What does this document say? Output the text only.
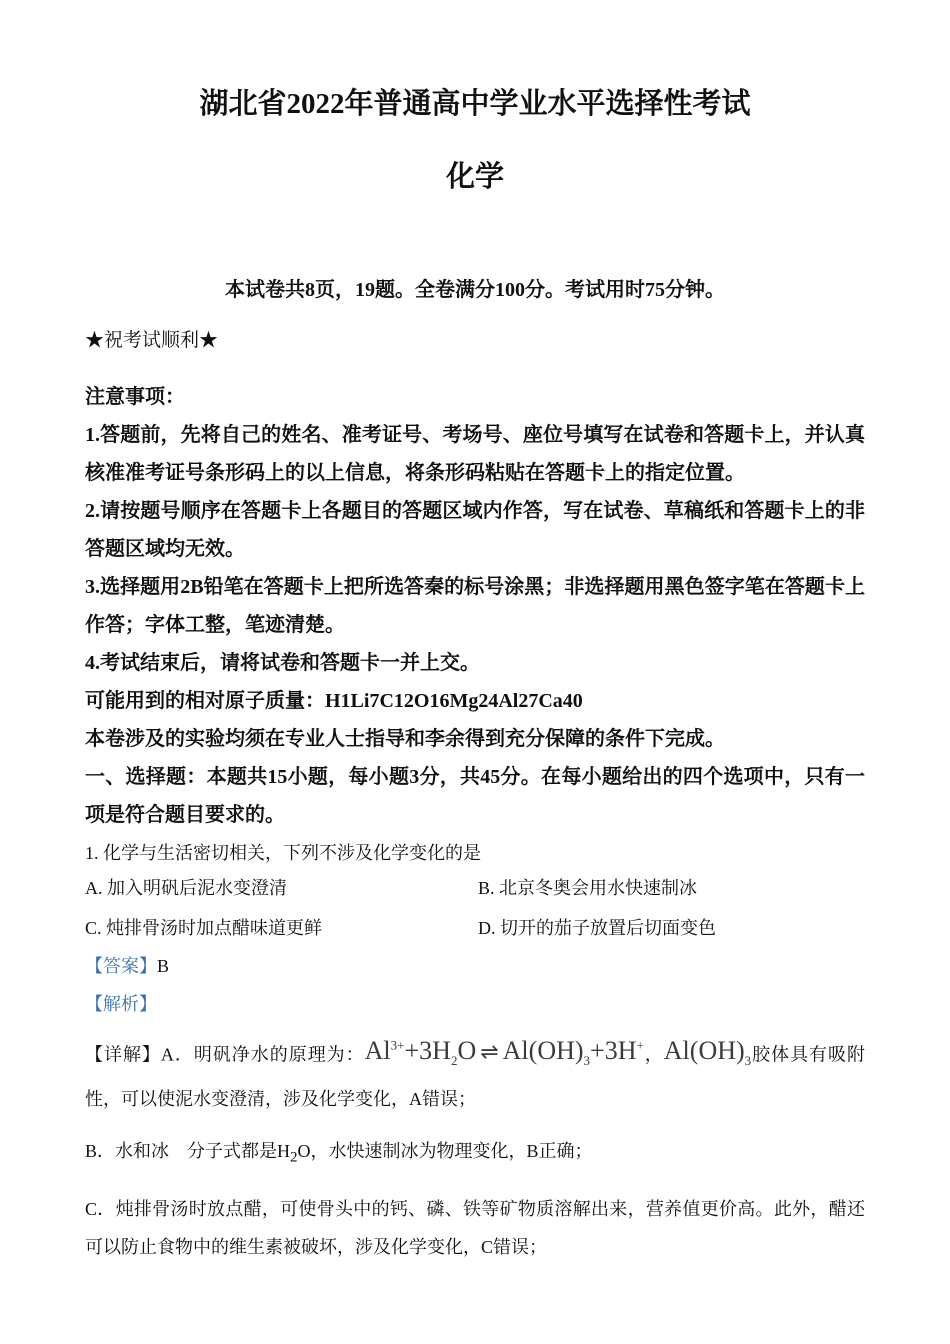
湖北省2022年普通高中学业水平选择性考试
化学

本试卷共8页，19题。全卷满分100分。考试用时75分钟。

★祝考试顺利★

注意事项：

1.答题前，先将自己的姓名、准考证号、考场号、座位号填写在试卷和答题卡上，并认真核准准考证号条形码上的以上信息，将条形码粘贴在答题卡上的指定位置。

2.请按题号顺序在答题卡上各题目的答题区域内作答，写在试卷、草稿纸和答题卡上的非答题区域均无效。

3.选择题用2B铅笔在答题卡上把所选答秦的标号涂黑；非选择题用黑色签字笔在答题卡上作答；字体工整，笔迹清楚。

4.考试结束后，请将试卷和答题卡一并上交。

可能用到的相对原子质量：H1Li7C12O16Mg24Al27Ca40

本卷涉及的实验均须在专业人士指导和李余得到充分保障的条件下完成。

一、选择题：本题共15小题，每小题3分，共45分。在每小题给出的四个选项中，只有一项是符合题目要求的。

1. 化学与生活密切相关，下列不涉及化学变化的是

A. 加入明矾后泥水变澄清	B. 北京冬奥会用水快速制冰
C. 炖排骨汤时加点醋味道更鲜	D. 切开的茄子放置后切面变色

【答案】B

【解析】

【详解】A．明矾净水的原理为：$Al^{3+}+3H_2O$ ⇌ $Al(OH)_3+3H^+$，$Al(OH)_3$胶体具有吸附性，可以使泥水变澄清，涉及化学变化，A错误；

B．水和冰　分子式都是$H_2O$，水快速制冰为物理变化，B正确；

C．炖排骨汤时放点醋，可使骨头中的钙、磷、铁等矿物质溶解出来，营养值更价高。此外，醋还可以防止食物中的维生素被破坏，涉及化学变化，C错误；
